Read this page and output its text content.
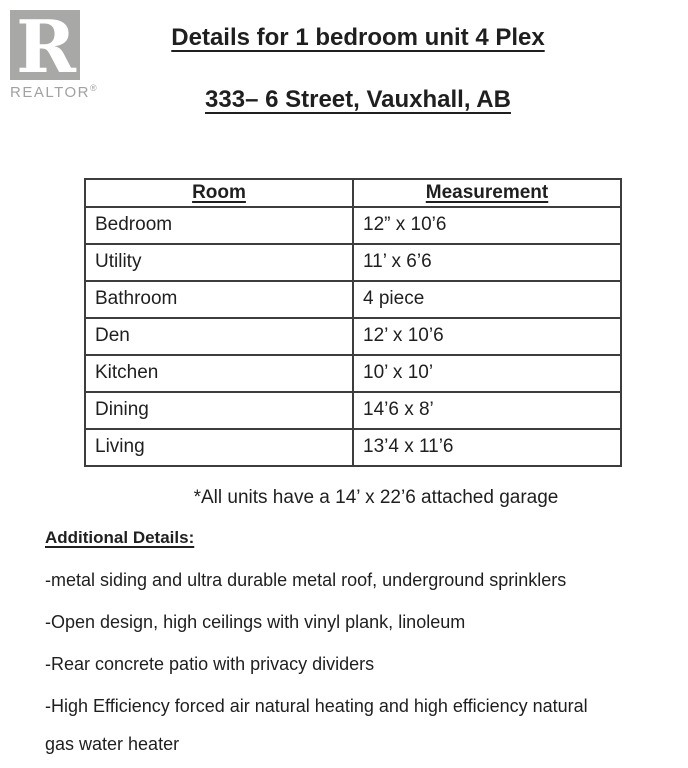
R
REALTOR®
Details for 1 bedroom unit 4 Plex
333– 6 Street, Vauxhall, AB
Room	Measurement
Bedroom	12” x 10’6
Utility	11’ x 6’6
Bathroom	4 piece
Den	12’ x 10’6
Kitchen	10’ x 10’
Dining	14’6 x 8’
Living	13’4 x 11’6
*All units have a 14’ x 22’6 attached garage
Additional Details:

-metal siding and ultra durable metal roof, underground sprinklers

-Open design, high ceilings with vinyl plank, linoleum

-Rear concrete patio with privacy dividers

-High Efficiency forced air natural heating and high efficiency natural
gas water heater
